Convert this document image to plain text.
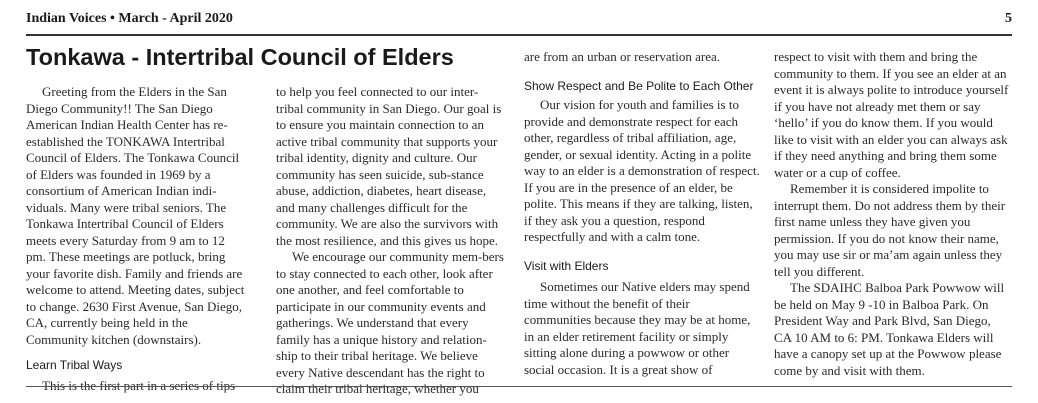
Indian Voices • March - April 2020	5
Tonkawa - Intertribal Council of Elders

Greeting from the Elders in the San Diego Community!! The San Diego American Indian Health Center has re-established the TONKAWA Intertribal Council of Elders. The Tonkawa Council of Elders was founded in 1969 by a consortium of American Indian indi-viduals. Many were tribal seniors. The Tonkawa Intertribal Council of Elders meets every Saturday from 9 am to 12 pm. These meetings are potluck, bring your favorite dish. Family and friends are welcome to attend. Meeting dates, subject to change. 2630 First Avenue, San Diego, CA, currently being held in the Community kitchen (downstairs).

Learn Tribal Ways

This is the first part in a series of tips

to help you feel connected to our inter-tribal community in San Diego. Our goal is to ensure you maintain connection to an active tribal community that supports your tribal identity, dignity and culture. Our community has seen suicide, sub-stance abuse, addiction, diabetes, heart disease, and many challenges difficult for the community. We are also the survivors with the most resilience, and this gives us hope.

We encourage our community mem-bers to stay connected to each other, look after one another, and feel comfortable to participate in our community events and gatherings. We understand that every family has a unique history and relation-ship to their tribal heritage. We believe every Native descendant has the right to claim their tribal heritage, whether you

are from an urban or reservation area.

Show Respect and Be Polite to Each Other

Our vision for youth and families is to provide and demonstrate respect for each other, regardless of tribal affiliation, age, gender, or sexual identity. Acting in a polite way to an elder is a demonstration of respect. If you are in the presence of an elder, be polite. This means if they are talking, listen, if they ask you a question, respond respectfully and with a calm tone.

Visit with Elders

Sometimes our Native elders may spend time without the benefit of their communities because they may be at home, in an elder retirement facility or simply sitting alone during a powwow or other social occasion. It is a great show of

respect to visit with them and bring the community to them. If you see an elder at an event it is always polite to introduce yourself if you have not already met them or say ‘hello’ if you do know them. If you would like to visit with an elder you can always ask if they need anything and bring them some water or a cup of coffee.

Remember it is considered impolite to interrupt them. Do not address them by their first name unless they have given you permission. If you do not know their name, you may use sir or ma’am again unless they tell you different.

The SDAIHC Balboa Park Powwow will be held on May 9 -10 in Balboa Park. On President Way and Park Blvd, San Diego, CA 10 AM to 6: PM. Tonkawa Elders will have a canopy set up at the Powwow please come by and visit with them.
